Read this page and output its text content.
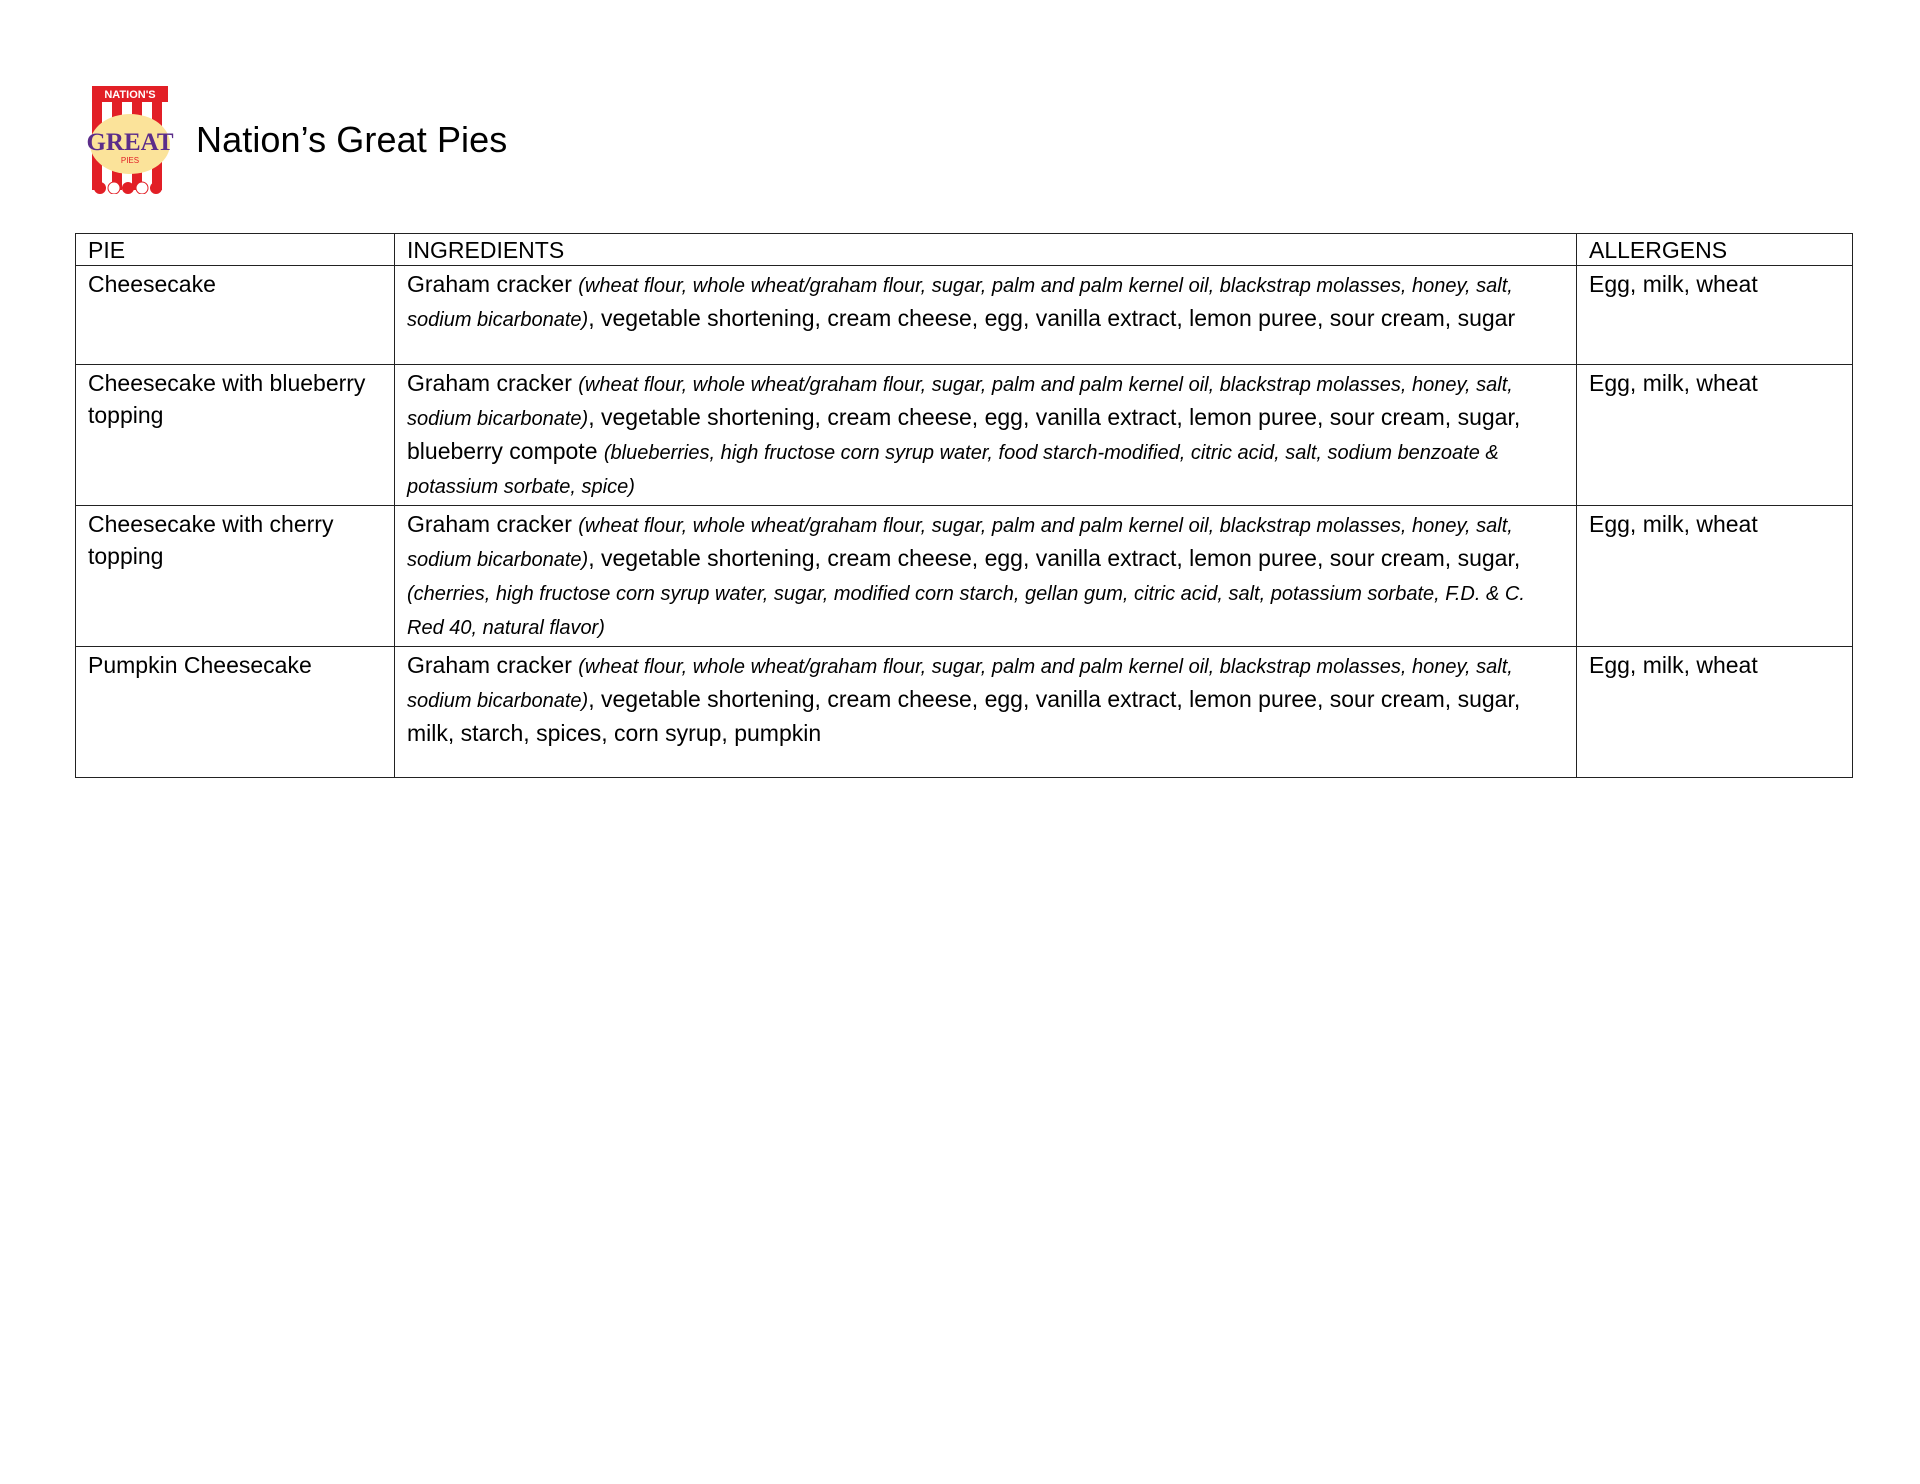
NATION'S
GREAT
PIES
Nation’s Great Pies
PIE	INGREDIENTS	ALLERGENS
Cheesecake	Graham cracker (wheat flour, whole wheat/graham flour, sugar, palm and palm kernel oil, blackstrap molasses, honey, salt, sodium bicarbonate), vegetable shortening, cream cheese, egg, vanilla extract, lemon puree, sour cream, sugar	Egg, milk, wheat
Cheesecake with blueberry topping	Graham cracker (wheat flour, whole wheat/graham flour, sugar, palm and palm kernel oil, blackstrap molasses, honey, salt, sodium bicarbonate), vegetable shortening, cream cheese, egg, vanilla extract, lemon puree, sour cream, sugar, blueberry compote (blueberries, high fructose corn syrup water, food starch-modified, citric acid, salt, sodium benzoate & potassium sorbate, spice)	Egg, milk, wheat
Cheesecake with cherry topping	Graham cracker (wheat flour, whole wheat/graham flour, sugar, palm and palm kernel oil, blackstrap molasses, honey, salt, sodium bicarbonate), vegetable shortening, cream cheese, egg, vanilla extract, lemon puree, sour cream, sugar, (cherries, high fructose corn syrup water, sugar, modified corn starch, gellan gum, citric acid, salt, potassium sorbate, F.D. & C. Red 40, natural flavor)	Egg, milk, wheat
Pumpkin Cheesecake	Graham cracker (wheat flour, whole wheat/graham flour, sugar, palm and palm kernel oil, blackstrap molasses, honey, salt, sodium bicarbonate), vegetable shortening, cream cheese, egg, vanilla extract, lemon puree, sour cream, sugar, milk, starch, spices, corn syrup, pumpkin	Egg, milk, wheat
